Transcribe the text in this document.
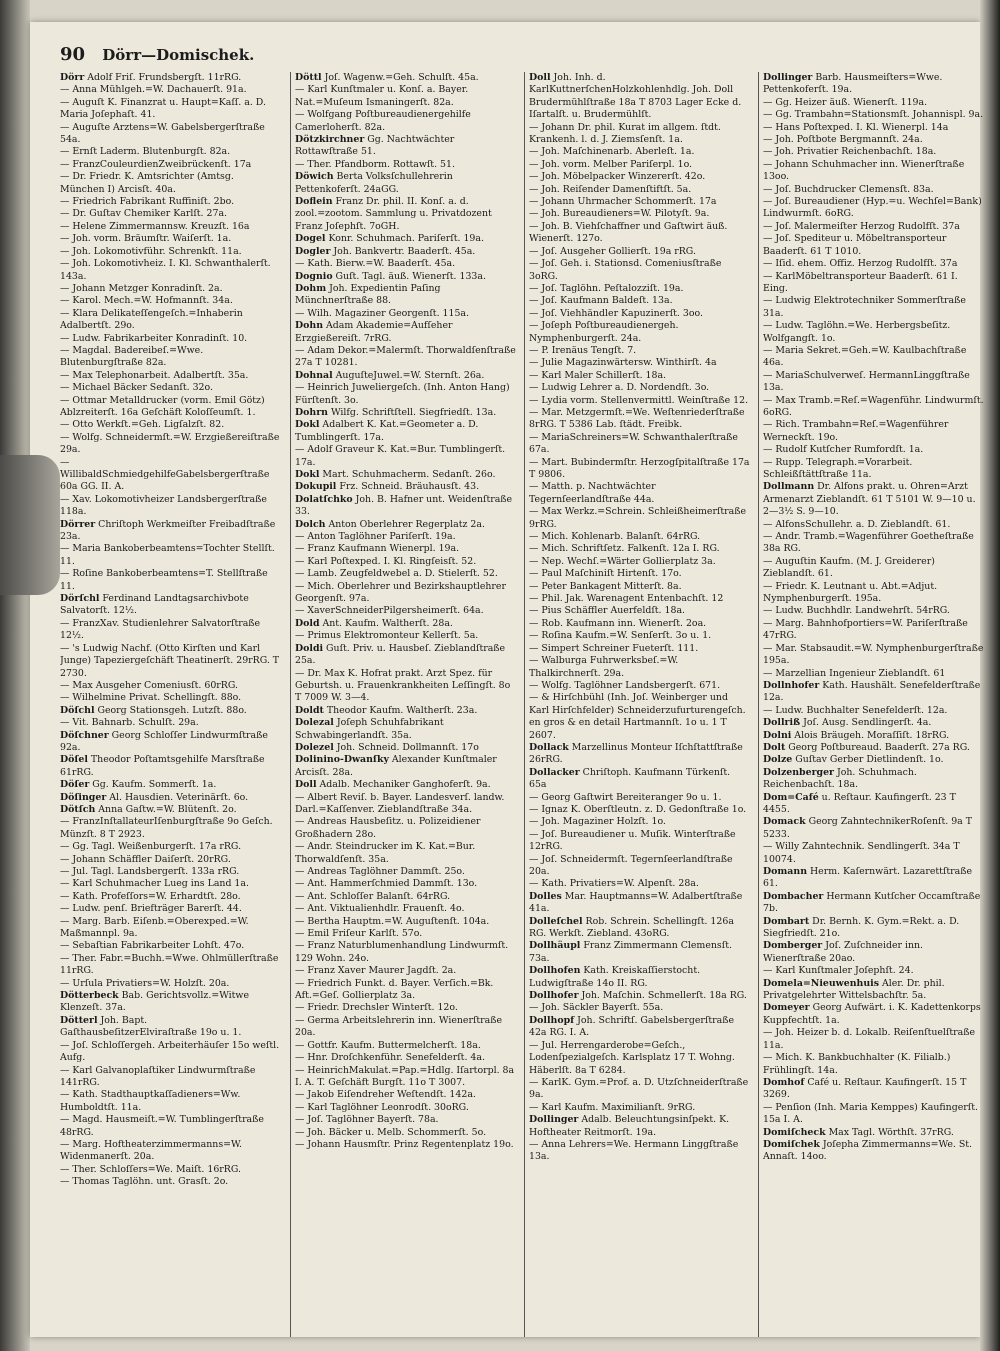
90 Dörr—Domischek.
Dörr Adolf Friſ. Frundsbergſt. 11rRG.
— Anna Mühlgeh.=W. Dachauerſt. 91a.
— Auguſt K. Finanzrat u. Haupt=Kaſſ. a. D. Maria Joſephaſt. 41.
— Auguſte Arztens=W. Gabelsbergerſtraße 54a.
— Ernſt Laderm. Blutenburgſt. 82a.
— FranzCouleurdienZweibrückenſt. 17a
— Dr. Friedr. K. Amtsrichter (Amtsg. München I) Arcisſt. 40a.
— Friedrich Fabrikant Ruffiniſt. 2bo.
— Dr. Guſtav Chemiker Karlſt. 27a.
— Helene Zimmermannsw. Kreuzſt. 16a
— Joh. vorm. Bräumſtr. Waiſerſt. 1a.
— Joh. Lokomotivführ. Schrenkſt. 11a.
— Joh. Lokomotivheiz. I. Kl. Schwanthalerſt. 143a.
— Johann Metzger Konradinſt. 2a.
— Karol. Mech.=W. Hofmannſt. 34a.
— Klara Delikateſſengeſch.=Inhaberin Adalbertſt. 29o.
— Ludw. Fabrikarbeiter Konradinſt. 10.
— Magdal. Badereibeſ.=Wwe. Blutenburgſtraße 82a.
— Max Telephonarbeit. Adalbertſt. 35a.
— Michael Bäcker Sedanſt. 32o.
— Ottmar Metalldrucker (vorm. Emil Götz) Ablzreiterſt. 16a Geſchäft Koloſſeumſt. 1.
— Otto Werkſt.=Geh. Ligſalzſt. 82.
— Wolfg. Schneidermſt.=W. Erzgießereiſtraße 29a.
— WillibaldSchmiedgehilfeGabelsbergerſtraße 60a GG. II. A.
— Xav. Lokomotivheizer Landsbergerſtraße 118a.
Dörrer Chriſtoph Werkmeiſter Freibadſtraße 23a.
— Maria Bankoberbeamtens=Tochter Stellſt. 11.
— Roſine Bankoberbeamtens=T. Stellſtraße 11.
Dörſchl Ferdinand Landtagsarchivbote Salvatorſt. 12½.
— FranzXav. Studienlehrer Salvatorſtraße 12½.
— 's Ludwig Nachf. (Otto Kirſten und Karl Junge) Tapeziergeſchäft Theatinerſt. 29rRG. T 2730.
— Max Ausgeher Comeniusſt. 60rRG.
— Wilhelmine Privat. Schellingſt. 88o.
Döſchl Georg Stationsgeh. Lutzſt. 88o.
— Vit. Bahnarb. Schulſt. 29a.
Döſchner Georg Schloſſer Lindwurmſtraße 92a.
Döſel Theodor Poſtamtsgehilfe Marsſtraße 61rRG.
Döſer Gg. Kaufm. Sommerſt. 1a.
Döſinger Al. Hausdien. Veterinärſt. 6o.
Dötſch Anna Gaſtw.=W. Blütenſt. 2o.
— FranzInſtallateurIſenburgſtraße 9o Geſch. Münzſt. 8 T 2923.
— Gg. Tagl. Weißenburgerſt. 17a rRG.
— Johann Schäffler Daiſerſt. 20rRG.
— Jul. Tagl. Landsbergerſt. 133a rRG.
— Karl Schuhmacher Lueg ins Land 1a.
— Kath. Profeſſors=W. Erhardtſt. 28o.
— Ludw. penſ. Briefträger Barerſt. 44.
— Marg. Barb. Eiſenb.=Oberexped.=W. Maßmannpl. 9a.
— Sebaſtian Fabrikarbeiter Lohſt. 47o.
— Ther. Fabr.=Buchh.=Wwe. Ohlmüllerſtraße 11rRG.
— Urſula Privatiers=W. Holzſt. 20a.
Dötterbeck Bab. Gerichtsvollz.=Witwe Klenzeſt. 37a.
Dötterl Joh. Bapt. GaſthausbeſitzerElviraſtraße 19o u. 1.
— Joſ. Schloſſergeh. Arbeiterhäuſer 15o weſtl. Aufg.
— Karl Galvanoplaſtiker Lindwurmſtraße 141rRG.
— Kath. Stadthauptkaſſadieners=Ww. Humboldtſt. 11a.
— Magd. Hausmeiſt.=W. Tumblingerſtraße 48rRG.
— Marg. Hoftheaterzimmermanns=W. Widenmanerſt. 20a.
— Ther. Schloſſers=We. Maiſt. 16rRG.
— Thomas Taglöhn. unt. Grasſt. 2o.
Döttl Joſ. Wagenw.=Geh. Schulſt. 45a.
— Karl Kunſtmaler u. Konſ. a. Bayer. Nat.=Muſeum Ismaningerſt. 82a.
— Wolfgang Poſtbureaudienergehilfe Camerloherſt. 82a.
Dötzkirchner Gg. Nachtwächter Rottawſtraße 51.
— Ther. Pfandborm. Rottawſt. 51.
Döwich Berta Volksſchullehrerin Pettenkoferſt. 24aGG.
Doflein Franz Dr. phil. II. Konſ. a. d. zool.=zootom. Sammlung u. Privatdozent Franz Joſephſt. 7oGH.
Dogel Konr. Schuhmach. Pariſerſt. 19a.
Dogler Joh. Bankvertr. Baaderſt. 45a.
— Kath. Bierw.=W. Baaderſt. 45a.
Dognio Guſt. Tagl. äuß. Wienerſt. 133a.
Dohm Joh. Expedientin Paſing Münchnerſtraße 88.
— Wilh. Magaziner Georgenſt. 115a.
Dohn Adam Akademie=Aufſeher Erzgießereiſt. 7rRG.
— Adam Dekor.=Malermſt. Thorwaldſenſtraße 27a T 10281.
Dohnal AuguſteJuwel.=W. Sternſt. 26a.
— Heinrich Juweliergeſch. (Inh. Anton Hang) Fürſtenſt. 3o.
Dohrn Wilfg. Schriftſtell. Siegfriedſt. 13a.
Dokl Adalbert K. Kat.=Geometer a. D. Tumblingerſt. 17a.
— Adolf Graveur K. Kat.=Bur. Tumblingerſt. 17a.
Dokl Mart. Schuhmacherm. Sedanſt. 26o.
Dokupil Frz. Schneid. Bräuhausſt. 43.
Dolatſchko Joh. B. Hafner unt. Weidenſtraße 33.
Dolch Anton Oberlehrer Regerplatz 2a.
— Anton Taglöhner Pariſerſt. 19a.
— Franz Kaufmann Wienerpl. 19a.
— Karl Poſtexped. I. Kl. Ringſeisſt. 52.
— Lamb. Zeugfeldwebel a. D. Stielerſt. 52.
— Mich. Oberlehrer und Bezirkshauptlehrer Georgenſt. 97a.
— XaverSchneiderPilgersheimerſt. 64a.
Dold Ant. Kaufm. Waltherſt. 28a.
— Primus Elektromonteur Kellerſt. 5a.
Doldi Guſt. Priv. u. Hausbeſ. Zieblandſtraße 25a.
— Dr. Max K. Hofrat prakt. Arzt Spez. für Geburtsh. u. Frauenkrankheiten Leſſingſt. 8o T 7009 W. 3—4.
Doldt Theodor Kaufm. Waltherſt. 23a.
Dolezal Joſeph Schuhfabrikant Schwabingerlandſt. 35a.
Dolezel Joh. Schneid. Dollmannſt. 17o
Dolinino-Dwanſky Alexander Kunſtmaler Arcisſt. 28a.
Doll Adalb. Mechaniker Ganghoferſt. 9a.
— Albert Reviſ. b. Bayer. Landesverſ. landw. Darl.=Kaſſenver. Zieblandſtraße 34a.
— Andreas Hausbeſitz. u. Polizeidiener Großhadern 28o.
— Andr. Steindrucker im K. Kat.=Bur. Thorwaldſenſt. 35a.
— Andreas Taglöhner Dammſt. 25o.
— Ant. Hammerſchmied Dammſt. 13o.
— Ant. Schloſſer Balanſt. 64rRG.
— Ant. Viktualienhdlr. Frauenſt. 4o.
— Bertha Hauptm.=W. Auguſtenſt. 104a.
— Emil Friſeur Karlſt. 57o.
— Franz Naturblumenhandlung Lindwurmſt. 129 Wohn. 24o.
— Franz Xaver Maurer Jagdſt. 2a.
— Friedrich Funkt. d. Bayer. Verſich.=Bk. Aft.=Geſ. Gollierplatz 3a.
— Friedr. Drechsler Winterſt. 12o.
— Germa Arbeitslehrerin inn. Wienerſtraße 20a.
— Gottfr. Kaufm. Buttermelcherſt. 18a.
— Hnr. Droſchkenführ. Senefelderſt. 4a.
— HeinrichMakulat.=Pap.=Hdlg. Iſartorpl. 8a I. A. T. Geſchäft Burgſt. 11o T 3007.
— Jakob Eiſendreher Weſtendſt. 142a.
— Karl Taglöhner Leonrodſt. 30oRG.
— Joſ. Taglöhner Bayerſt. 78a.
— Joh. Bäcker u. Melb. Schommerſt. 5o.
— Johann Hausmſtr. Prinz Regentenplatz 19o.
Doll Joh. Inh. d. KarlKuttnerſchenHolzkohlenhdlg. Joh. Doll Brudermühlſtraße 18a T 8703 Lager Ecke d. Iſartalſt. u. Brudermühlſt.
— Johann Dr. phil. Kurat im allgem. ſtdt. Krankenh. l. d. J. Ziemsſenſt. 1a.
— Joh. Maſchinenarb. Aberleſt. 1a.
— Joh. vorm. Melber Pariſerpl. 1o.
— Joh. Möbelpacker Winzererſt. 42o.
— Joh. Reiſender Damenſtiftſt. 5a.
— Johann Uhrmacher Schommerſt. 17a
— Joh. Bureaudieners=W. Pilotyſt. 9a.
— Joh. B. Viehſchaffner und Gaſtwirt äuß. Wienerſt. 127o.
— Joſ. Ausgeher Gollierſt. 19a rRG.
— Joſ. Geh. i. Stationsd. Comeniusſtraße 3oRG.
— Joſ. Taglöhn. Peſtalozziſt. 19a.
— Joſ. Kaufmann Baldeſt. 13a.
— Joſ. Viehhändler Kapuzinerſt. 3oo.
— Joſeph Poſtbureaudienergeh. Nymphenburgerſt. 24a.
— P. Irenäus Tengſt. 7.
— Julie Magazinwärtersw. Winthirſt. 4a
— Karl Maler Schillerſt. 18a.
— Ludwig Lehrer a. D. Nordendſt. 3o.
— Lydia vorm. Stellenvermittl. Weinſtraße 12.
— Mar. Metzgermſt.=We. Weſtenriederſtraße 8rRG. T 5386 Lab. ſtädt. Freibk.
— MariaSchreiners=W. Schwanthalerſtraße 67a.
— Mart. Bubindermſtr. Herzogſpitalſtraße 17a T 9806.
— Matth. p. Nachtwächter Tegernſeerlandſtraße 44a.
— Max Werkz.=Schrein. Schleißheimerſtraße 9rRG.
— Mich. Kohlenarb. Balanſt. 64rRG.
— Mich. Schriftſetz. Falkenſt. 12a I. RG.
— Nep. Wechſ.=Wärter Gollierplatz 3a.
— Paul Maſchiniſt Hirtenſt. 17o.
— Peter Bankagent Mitterſt. 8a.
— Phil. Jak. Warenagent Entenbachſt. 12
— Pius Schäffler Auerfeldſt. 18a.
— Rob. Kaufmann inn. Wienerſt. 2oa.
— Roſina Kaufm.=W. Senſerſt. 3o u. 1.
— Simpert Schreiner Fueterſt. 111.
— Walburga Fuhrwerksbeſ.=W. Thalkirchnerſt. 29a.
— Wolfg. Taglöhner Landsbergerſt. 671.
— & Hirſchbühl (Inh. Joſ. Weinberger und Karl Hirſchfelder) Schneiderzufurturengeſch. en gros & en detail Hartmannſt. 1o u. 1 T 2607.
Dollack Marzellinus Monteur Iſchſtattſtraße 26rRG.
Dollacker Chriſtoph. Kaufmann Türkenſt. 65a
— Georg Gaſtwirt Bereiteranger 9o u. 1.
— Ignaz K. Oberſtleutn. z. D. Gedonſtraße 1o.
— Joh. Magaziner Holzſt. 1o.
— Joſ. Bureaudiener u. Muſik. Winterſtraße 12rRG.
— Joſ. Schneidermſt. Tegernſeerlandſtraße 20a.
— Kath. Privatiers=W. Alpenſt. 28a.
Dolles Mar. Hauptmanns=W. Adalbertſtraße 41a.
Dolleſchel Rob. Schrein. Schellingſt. 126a RG. Werkſt. Ziebland. 43oRG.
Dollhäupl Franz Zimmermann Clemensſt. 73a.
Dollhofen Kath. Kreiskaſſierstocht. Ludwigſtraße 14o II. RG.
Dollhofer Joh. Maſchin. Schmellerſt. 18a RG.
— Joh. Säckler Bayerſt. 55a.
Dollhopf Joh. Schriftſ. Gabelsbergerſtraße 42a RG. I. A.
— Jul. Herrengarderobe=Geſch., Lodenſpezialgeſch. Karlsplatz 17 T. Wohng. Häberlſt. 8a T 6284.
— KarlK. Gym.=Prof. a. D. Utzſchneiderſtraße 9a.
— Karl Kaufm. Maximilianſt. 9rRG.
Dollinger Adalb. Beleuchtungsinſpekt. K. Hoftheater Reitmorſt. 19a.
— Anna Lehrers=We. Hermann Linggſtraße 13a.
Dollinger Barb. Hausmeiſters=Wwe. Pettenkoferſt. 19a.
— Gg. Heizer äuß. Wienerſt. 119a.
— Gg. Trambahn=Stationsmſt. Johannispl. 9a.
— Hans Poſtexped. I. Kl. Wienerpl. 14a
— Joh. Poſtbote Bergmannſt. 24a.
— Joh. Privatier Reichenbachſt. 18a.
— Johann Schuhmacher inn. Wienerſtraße 13oo.
— Joſ. Buchdrucker Clemensſt. 83a.
— Joſ. Bureaudiener (Hyp.=u. Wechſel=Bank) Lindwurmſt. 6oRG.
— Joſ. Malermeiſter Herzog Rudolfſt. 37a
— Joſ. Spediteur u. Möbeltransporteur Baaderſt. 61 T 1010.
— Iſid. ehem. Offiz. Herzog Rudolfſt. 37a
— KarlMöbeltransporteur Baaderſt. 61 I. Eing.
— Ludwig Elektrotechniker Sommerſtraße 31a.
— Ludw. Taglöhn.=We. Herbergsbeſitz. Wolfgangſt. 1o.
— Maria Sekret.=Geh.=W. Kaulbachſtraße 46a.
— MariaSchulverweſ. HermannLinggſtraße 13a.
— Max Tramb.=Reſ.=Wagenführ. Lindwurmſt. 6oRG.
— Rich. Trambahn=Reſ.=Wagenführer Werneckſt. 19o.
— Rudolf Kutſcher Rumfordſt. 1a.
— Rupp. Telegraph.=Vorarbeit. Schleißſtättſtraße 11a.
Dollmann Dr. Alfons prakt. u. Ohren=Arzt Armenarzt Zieblandſt. 61 T 5101 W. 9—10 u. 2—3½ S. 9—10.
— AlfonsSchullehr. a. D. Zieblandſt. 61.
— Andr. Tramb.=Wagenführer Goetheſtraße 38a RG.
— Auguſtin Kaufm. (M. J. Greiderer) Zieblandſt. 61.
— Friedr. K. Leutnant u. Abt.=Adjut. Nymphenburgerſt. 195a.
— Ludw. Buchhdlr. Landwehrſt. 54rRG.
— Marg. Bahnhofportiers=W. Pariſerſtraße 47rRG.
— Mar. Stabsaudit.=W. Nymphenburgerſtraße 195a.
— Marzellian Ingenieur Zieblandſt. 61
Dollnhofer Kath. Haushält. Senefelderſtraße 12a.
— Ludw. Buchhalter Senefelderſt. 12a.
Dollriß Joſ. Ausg. Sendlingerſt. 4a.
Dolni Alois Bräugeh. Moraſſiſt. 18rRG.
Dolt Georg Poſtbureaud. Baaderſt. 27a RG.
Dolze Guſtav Gerber Dietlindenſt. 1o.
Dolzenberger Joh. Schuhmach. Reichenbachſt. 18a.
Dom=Café u. Reſtaur. Kaufingerſt. 23 T 4455.
Domack Georg ZahntechnikerRoſenſt. 9a T 5233.
— Willy Zahntechnik. Sendlingerſt. 34a T 10074.
Domann Herm. Kaſernwärt. Lazarettſtraße 61.
Dombacher Hermann Kutſcher Occamſtraße 7b.
Dombart Dr. Bernh. K. Gym.=Rekt. a. D. Siegfriedſt. 21o.
Domberger Joſ. Zuſchneider inn. Wienerſtraße 20ao.
— Karl Kunſtmaler Joſephſt. 24.
Domela=Nieuwenhuis Aler. Dr. phil. Privatgelehrter Wittelsbachſtr. 5a.
Domeyer Georg Aufwärt. i. K. Kadettenkorps Kuppfechtſt. 1a.
— Joh. Heizer b. d. Lokalb. Reiſenſtuelſtraße 11a.
— Mich. K. Bankbuchhalter (K. Filialb.) Frühlingſt. 14a.
Domhof Café u. Reſtaur. Kaufingerſt. 15 T 3269.
— Penſion (Inh. Maria Kemppes) Kaufingerſt. 15a I. A.
Domiſcheck Max Tagl. Wörthſt. 37rRG.
Domiſchek Joſepha Zimmermanns=We. St. Annaſt. 14oo.
